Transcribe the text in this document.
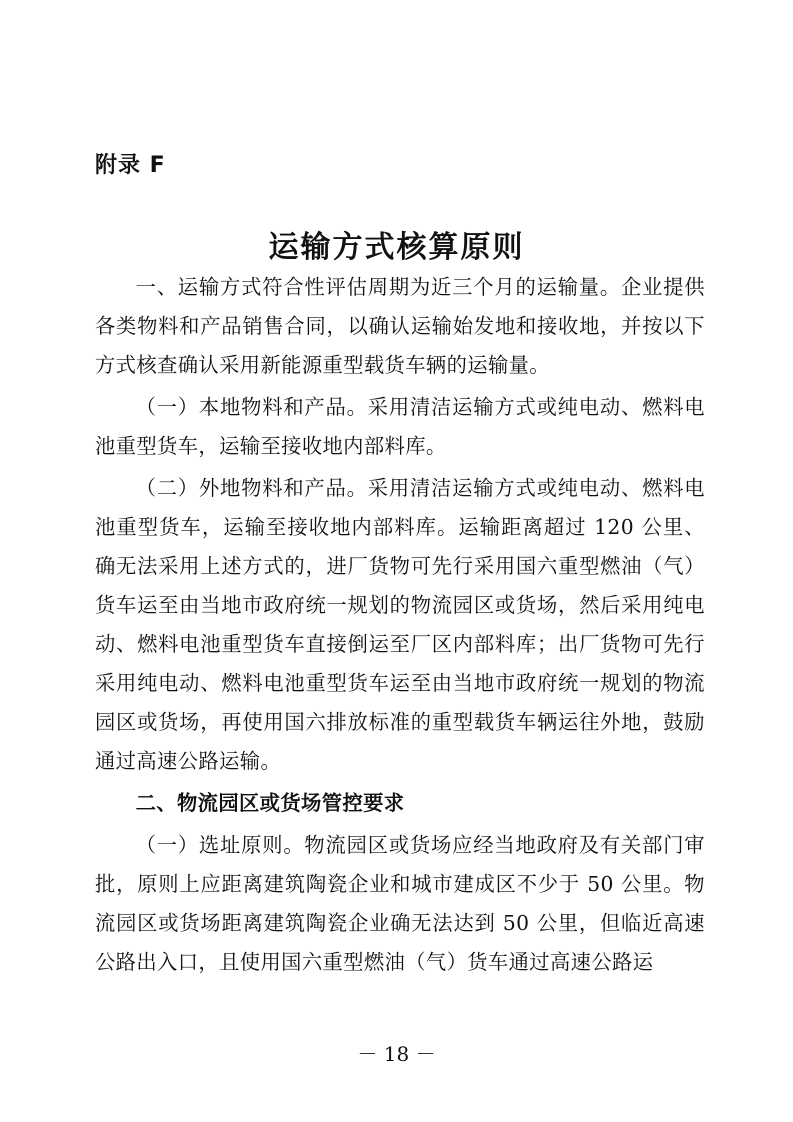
附录 F
运输方式核算原则

一、运输方式符合性评估周期为近三个月的运输量。企业提供各类物料和产品销售合同，以确认运输始发地和接收地，并按以下方式核查确认采用新能源重型载货车辆的运输量。

（一）本地物料和产品。采用清洁运输方式或纯电动、燃料电池重型货车，运输至接收地内部料库。

（二）外地物料和产品。采用清洁运输方式或纯电动、燃料电池重型货车，运输至接收地内部料库。运输距离超过 120 公里、确无法采用上述方式的，进厂货物可先行采用国六重型燃油（气）货车运至由当地市政府统一规划的物流园区或货场，然后采用纯电动、燃料电池重型货车直接倒运至厂区内部料库；出厂货物可先行采用纯电动、燃料电池重型货车运至由当地市政府统一规划的物流园区或货场，再使用国六排放标准的重型载货车辆运往外地，鼓励通过高速公路运输。

二、物流园区或货场管控要求

（一）选址原则。物流园区或货场应经当地政府及有关部门审批，原则上应距离建筑陶瓷企业和城市建成区不少于 50 公里。物流园区或货场距离建筑陶瓷企业确无法达到 50 公里，但临近高速公路出入口，且使用国六重型燃油（气）货车通过高速公路运

－ 18 －
